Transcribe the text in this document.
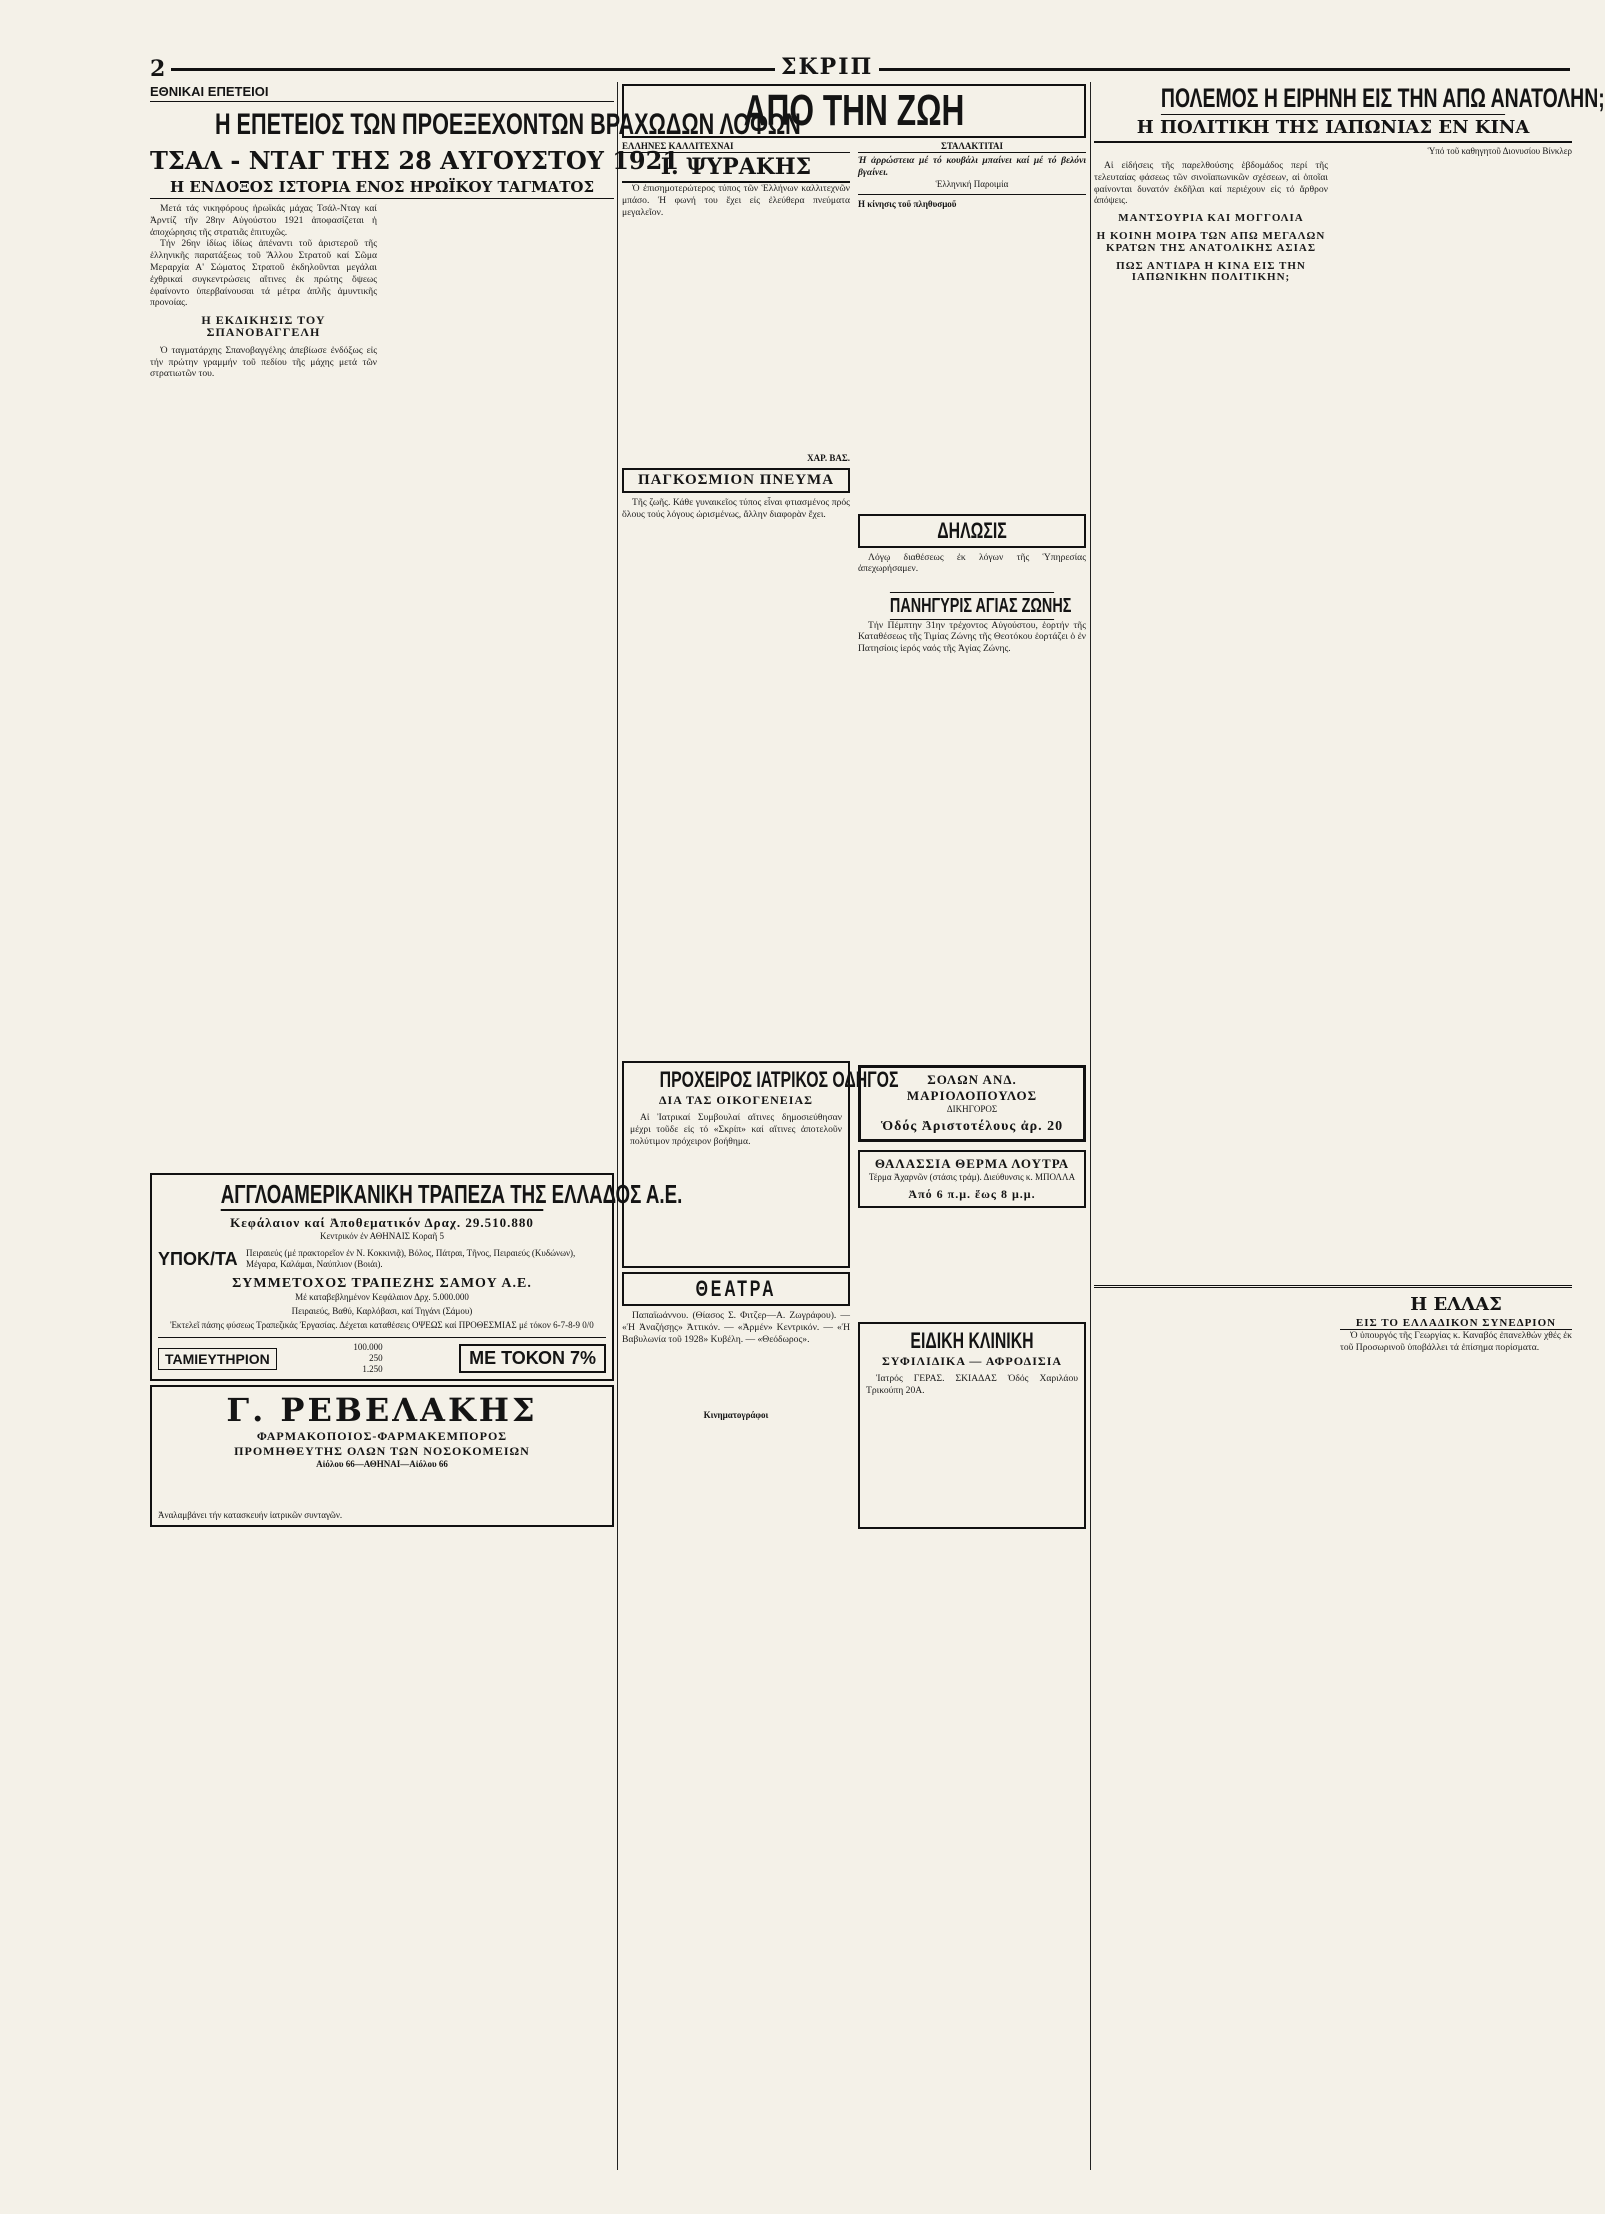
2	ΣΚΡΙΠ
ΕΘΝΙΚΑΙ ΕΠΕΤΕΙΟΙ
Η ΕΠΕΤΕΙΟΣ ΤΩΝ ΠΡΟΕΞΕΧΟΝΤΩΝ ΒΡΑΧΩΔΩΝ ΛΟΦΩΝ
ΤΣΑΛ - ΝΤΑΓ ΤΗΣ 28 ΑΥΓΟΥΣΤΟΥ 1921
Η ΕΝΔΟΞΟΣ ΙΣΤΟΡΙΑ ΕΝΟΣ ΗΡΩΪΚΟΥ ΤΑΓΜΑΤΟΣ

Μετά τάς νικηφόρους ἡρωϊκάς μάχας Τσάλ-Νταγ καί Ἀρντίζ τῆν 28ην Αὐγούστου 1921 ἀποφασίζεται ἡ ἀποχώρησις τῆς στρατιᾶς ἐπιτυχῶς.

Τήν 26ην ἰδίως ἰδίως ἀπέναντι τοῦ ἀριστεροῦ τῆς ἑλληνικῆς παρατάξεως τοῦ Ἄλλου Στρατοῦ καί Σῶμα Μεραρχία Α' Σώματος Στρατοῦ ἐκδηλοῦνται μεγάλαι ἐχθρικαί συγκεντρώσεις αἵτινες ἐκ πρώτης ὄψεως ἐφαίνοντο ὑπερβαίνουσαι τά μέτρα ἁπλῆς ἀμυντικῆς προνοίας.

Η ΕΚΔΙΚΗΣΙΣ ΤΟΥ ΣΠΑΝΟΒΑΓΓΕΛΗ

Ὁ ταγματάρχης Σπανοβαγγέλης ἀπεβίωσε ἐνδόξως εἰς τήν πρώτην γραμμήν τοῦ πεδίου τῆς μάχης μετά τῶν στρατιωτῶν του.

ΑΓΓΛΟΑΜΕΡΙΚΑΝΙΚΗ ΤΡΑΠΕΖΑ ΤΗΣ ΕΛΛΑΔΟΣ Α.Ε.
Κεφάλαιον καί Ἀποθεματικόν Δραχ. 29.510.880
Κεντρικόν ἐν ΑΘΗΝΑΙΣ Κοραῆ 5
ΥΠΟΚ/ΤΑ Πειραιεύς (μέ πρακτορεῖον ἐν Ν. Κοκκινιᾷ), Βόλος, Πάτραι, Τῆνος, Πειραιεύς (Κυδώνων), Μέγαρα, Καλάμαι, Ναύπλιον (Βοιάι).
ΣΥΜΜΕΤΟΧΟΣ ΤΡΑΠΕΖΗΣ ΣΑΜΟΥ Α.Ε.
Μέ καταβεβλημένον Κεφάλαιον Δρχ. 5.000.000
Πειραιεύς, Βαθύ, Καρλόβασι, καί Τηγάνι (Σάμου)
Ἐκτελεῖ πάσης φύσεως Τραπεζικάς Ἐργασίας. Δέχεται καταθέσεις ΟΨΕΩΣ καί ΠΡΟΘΕΣΜΙΑΣ μέ τόκον 6-7-8-9 0/0
ΤΑΜΙΕΥΤΗΡΙΟΝ
100.000
250
1.250
ΜΕ ΤΟΚΟΝ 7%
Γ. ΡΕΒΕΛΑΚΗΣ
ΦΑΡΜΑΚΟΠΟΙΟΣ-ΦΑΡΜΑΚΕΜΠΟΡΟΣ
ΠΡΟΜΗΘΕΥΤΗΣ ΟΛΩΝ ΤΩΝ ΝΟΣΟΚΟΜΕΙΩΝ
Αἰόλου 66—ΑΘΗΝΑΙ—Αἰόλου 66
Ἀναλαμβάνει τήν κατασκευήν ἰατρικῶν συνταγῶν.
ΑΠΟ ΤΗΝ ΖΩΗ
ΕΛΛΗΝΕΣ ΚΑΛΛΙΤΕΧΝΑΙ
Ι. ΨΥΡΑΚΗΣ

Ὁ ἐπισημοτερώτερος τύπος τῶν Ἑλλήνων καλλιτεχνῶν μπάσο. Ἡ φωνή του ἔχει εἰς ἐλεύθερα πνεύματα μεγαλεῖον.

ΧΑΡ. ΒΑΣ.
ΠΑΓΚΟΣΜΙΟΝ ΠΝΕΥΜΑ

Τῆς ζωῆς. Κάθε γυναικεῖος τύπος εἶναι φτιασμένος πρός ὅλους τούς λόγους ὡρισμένως, ἄλλην διαφορὰν ἔχει.

ΣΤΑΛΑΚΤΙΤΑΙ
Ἡ ἀρρώστεια μέ τό κουβάλι μπαίνει καί μέ τό βελόνι βγαίνει.
Ἑλληνική Παροιμία
Η κίνησις τοῦ πληθυσμοῦ

ΔΗΛΩΣΙΣ

Λόγῳ διαθέσεως ἐκ λόγων τῆς Ὑπηρεσίας ἀπεχωρήσαμεν.

ΠΑΝΗΓΥΡΙΣ ΑΓΙΑΣ ΖΩΝΗΣ

Τήν Πέμπτην 31ην τρέχοντος Αὐγούστου, ἑορτήν τῆς Καταθέσεως τῆς Τιμίας Ζώνης τῆς Θεοτόκου ἑορτάζει ὁ ἐν Πατησίοις ἱερός ναός τῆς Ἁγίας Ζώνης.

ΠΡΟΧΕΙΡΟΣ ΙΑΤΡΙΚΟΣ ΟΔΗΓΟΣ
ΔΙΑ ΤΑΣ ΟΙΚΟΓΕΝΕΙΑΣ

Αἱ Ἰατρικαί Συμβουλαί αἵτινες δημοσιεύθησαν μέχρι τοῦδε εἰς τό «Σκρίπ» καί αἵτινες ἀποτελοῦν πολύτιμον πρόχειρον βοήθημα.

ΘΕΑΤΡΑ

Παπαϊωάννου. (Θίασος Σ. Φιτζερ—Α. Ζωγράφου). — «Ἡ Ἀναζήσῃς» Ἀττικόν. — «Ἀρμέν» Κεντρικόν. — «Ἡ Βαβυλωνία τοῦ 1928» Κυβέλη. — «Θεόδωρος».

Κινηματογράφοι

ΣΟΛΩΝ ΑΝΔ. ΜΑΡΙΟΛΟΠΟΥΛΟΣ
ΔΙΚΗΓΟΡΟΣ
Ὁδός Ἀριστοτέλους ἀρ. 20
ΘΑΛΑΣΣΙΑ ΘΕΡΜΑ ΛΟΥΤΡΑ
Τέρμα Ἀχαρνῶν (στάσις τράμ). Διεύθυνσις κ. ΜΠΟΛΛΑ
Ἀπό 6 π.μ. ἕως 8 μ.μ.
ΕΙΔΙΚΗ ΚΛΙΝΙΚΗ
ΣΥΦΙΛΙΔΙΚΑ — ΑΦΡΟΔΙΣΙΑ

Ἰατρός ΓΕΡΑΣ. ΣΚΙΑΔΑΣ Ὁδός Χαριλάου Τρικούπη 20Α.

ΠΟΛΕΜΟΣ Η ΕΙΡΗΝΗ ΕΙΣ ΤΗΝ ΑΠΩ ΑΝΑΤΟΛΗΝ;
Η ΠΟΛΙΤΙΚΗ ΤΗΣ ΙΑΠΩΝΙΑΣ ΕΝ ΚΙΝΑ
Ὑπό τοῦ καθηγητοῦ Διονυσίου Βίνκλερ

Αἱ εἰδήσεις τῆς παρελθούσης ἑβδομάδος περί τῆς τελευταίας φάσεως τῶν σινοϊαπωνικῶν σχέσεων, αἱ ὁποῖαι φαίνονται δυνατόν ἐκδῆλαι καί περιέχουν εἰς τό ἄρθρον ἀπόψεις.

ΜΑΝΤΣΟΥΡΙΑ ΚΑΙ ΜΟΓΓΟΛΙΑ
Η ΚΟΙΝΗ ΜΟΙΡΑ ΤΩΝ ΑΠΩ ΜΕΓΑΛΩΝ ΚΡΑΤΩΝ ΤΗΣ ΑΝΑΤΟΛΙΚΗΣ ΑΣΙΑΣ
ΠΩΣ ΑΝΤΙΔΡΑ Η ΚΙΝΑ ΕΙΣ ΤΗΝ ΙΑΠΩΝΙΚΗΝ ΠΟΛΙΤΙΚΗΝ;
Η ΕΛΛΑΣ
ΕΙΣ ΤΟ ΕΛΛΑΔΙΚΟΝ ΣΥΝΕΔΡΙΟΝ

Ὁ ὑπουργός τῆς Γεωργίας κ. Καναβός ἐπανελθών χθές ἐκ τοῦ Προσωρινοῦ ὑποβάλλει τά ἐπίσημα πορίσματα.
